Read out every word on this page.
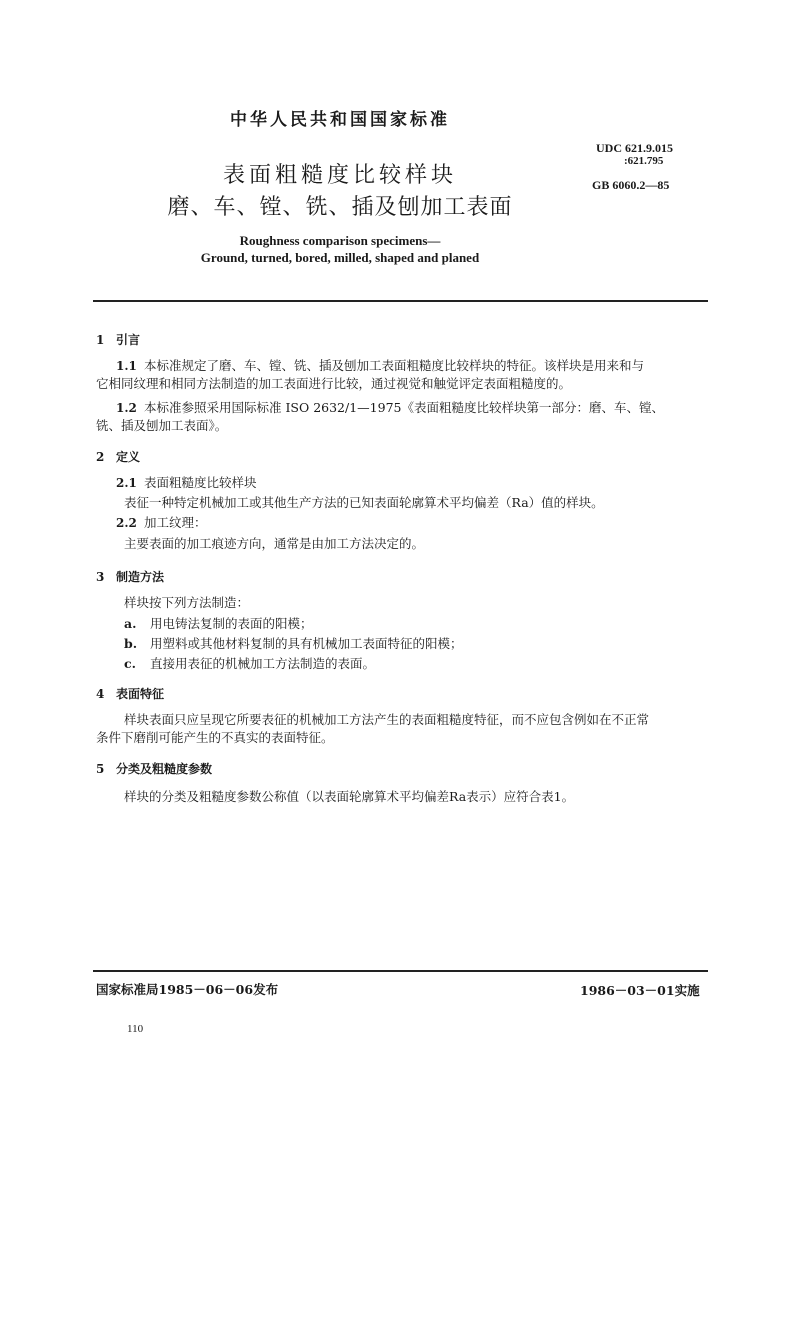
中华人民共和国国家标准
表面粗糙度比较样块
磨、车、镗、铣、插及刨加工表面
Roughness comparison specimens—
Ground, turned, bored, milled, shaped and planed
UDC 621.9.015
:621.795
GB 6060.2—85
1 引言
1.1 本标准规定了磨、车、镗、铣、插及刨加工表面粗糙度比较样块的特征。该样块是用来和与
它相同纹理和相同方法制造的加工表面进行比较，通过视觉和触觉评定表面粗糙度的。
1.2 本标准参照采用国际标准 ISO 2632/1—1975《表面粗糙度比较样块第一部分：磨、车、镗、
铣、插及刨加工表面》。
2 定义
2.1 表面粗糙度比较样块
表征一种特定机械加工或其他生产方法的已知表面轮廓算术平均偏差（Ra）值的样块。
2.2 加工纹理：
主要表面的加工痕迹方向，通常是由加工方法决定的。
3 制造方法
样块按下列方法制造：
a. 用电铸法复制的表面的阳模；
b. 用塑料或其他材料复制的具有机械加工表面特征的阳模；
c. 直接用表征的机械加工方法制造的表面。
4 表面特征
样块表面只应呈现它所要表征的机械加工方法产生的表面粗糙度特征，而不应包含例如在不正常
条件下磨削可能产生的不真实的表面特征。
5 分类及粗糙度参数
样块的分类及粗糙度参数公称值（以表面轮廓算术平均偏差Ra表示）应符合表1。
国家标准局1985－06－06发布	1986－03－01实施
110
